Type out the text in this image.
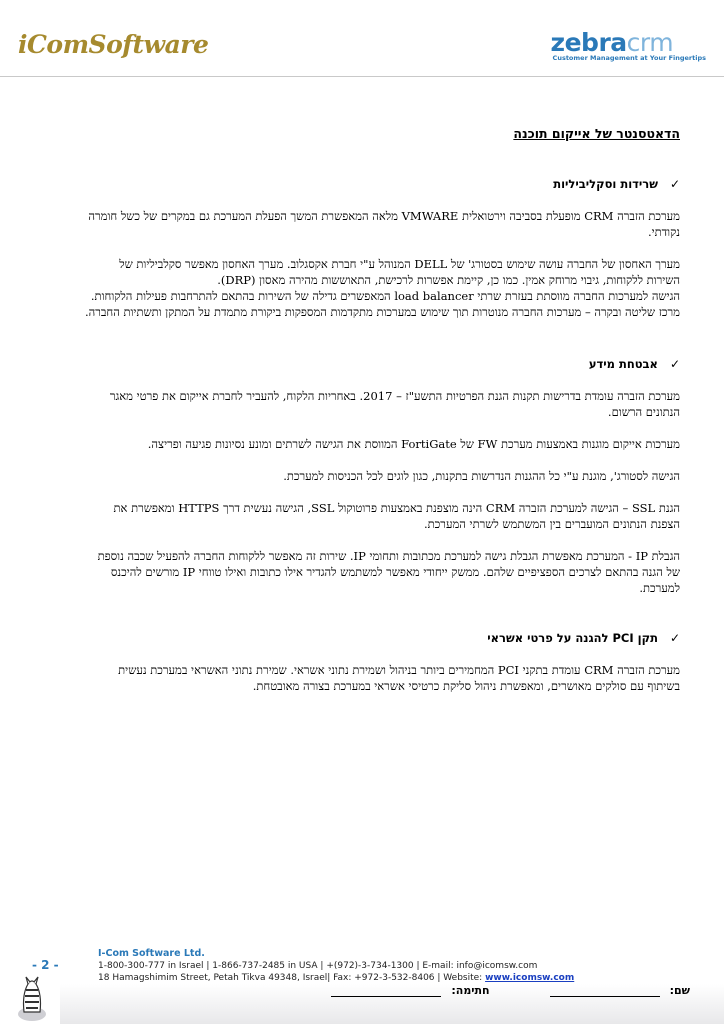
iComSoftware	zebracrm
Customer Management at Your Fingertips
הדאטסנטר של אייקום תוכנה
✓
שרידות וסקליביליות

מערכת הזברה CRM מופעלת בסביבה וירטואלית VMWARE מלאה המאפשרת המשך הפעלת המערכת גם במקרים של כשל חומרה נקודתי.

מערך האחסון של החברה עושה שימוש בסטורג' של DELL המנוהל ע"י חברת אקסגלוב. מערך האחסון מאפשר סקלביליות של השירות ללקוחות, גיבוי מרוחק אמין. כמו כן, קיימת אפשרות לרכישת, התאוששות מהירה מאסון (DRP).

הגישה למערכות החברה מווסתת בעזרת שרתי load balancer המאפשרים גדילה של השירות בהתאם להתרחבות פעילות הלקוחות.

מרכז שליטה ובקרה – מערכות החברה מנוטרות תוך שימוש במערכות מתקדמות המספקות ביקורת מתמדת על המתקן ותשתיות החברה.

✓
אבטחת מידע

מערכת הזברה עומדת בדרישות תקנות הגנת הפרטיות התשע"ז – 2017. באחריות הלקוח, להעביר לחברת אייקום את פרטי מאגר הנתונים הרשום.

מערכות אייקום מוגנות באמצעות מערכת FW של FortiGate המווסת את הגישה לשרתים ומונע נסיונות פגיעה ופריצה.

הגישה לסטורג', מוגנת ע"י כל ההגנות הנדרשות בתקנות, כגון לוגים לכל הכניסות למערכת.

הגנת SSL – הגישה למערכת הזברה CRM הינה מוצפנת באמצעות פרוטוקול SSL, הגישה נעשית דרך HTTPS ומאפשרת את הצפנת הנתונים המועברים בין המשתמש לשרתי המערכת.

הגבלת IP - המערכת מאפשרת הגבלת גישה למערכת מכתובות ותחומי IP. שירות זה מאפשר ללקוחות החברה להפעיל שכבה נוספת של הגנה בהתאם לצרכים הספציפיים שלהם. ממשק ייחודי מאפשר למשתמש להגדיר אילו כתובות ואילו טווחי IP מורשים להיכנס למערכת.

✓
תקן PCI להגנה על פרטי אשראי

מערכת הזברה CRM עומדת בתקני PCI המחמירים ביותר בניהול ושמירת נתוני אשראי. שמירת נתוני האשראי במערכת נעשית בשיתוף עם סולקים מאושרים, ומאפשרת ניהול סליקת כרטיסי אשראי במערכת בצורה מאובטחת.

- 2 -
I-Com Software Ltd.
1-800-300-777 in Israel | 1-866-737-2485 in USA | +(972)-3-734-1300 | E-mail: info@icomsw.com
18 Hamagshimim Street, Petah Tikva 49348, Israel| Fax: +972-3-532-8406 | Website: www.icomsw.com
שם:
חתימה:
